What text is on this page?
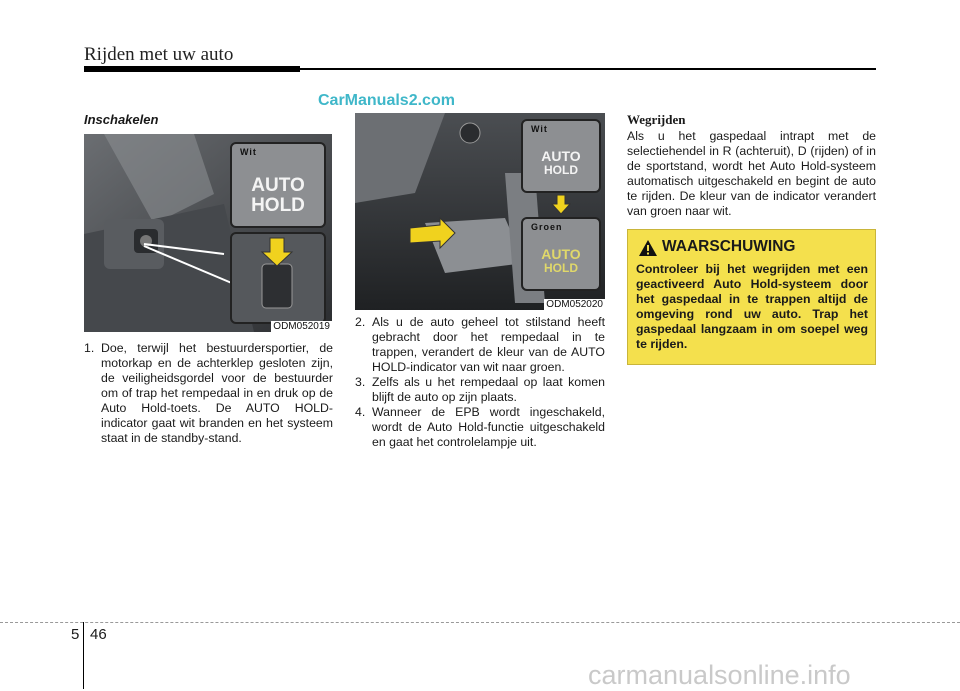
Rijden met uw auto
CarManuals2.com
Inschakelen
Wit
AUTO
HOLD
ODM052019
Wit
AUTO
HOLD
Groen
AUTO
HOLD
ODM052020
1. Doe, terwijl het bestuurdersportier, de motorkap en de achterklep gesloten zijn, de veiligheidsgordel voor de bestuurder om of trap het rempedaal in en druk op de Auto Hold-toets. De AUTO HOLD-indicator gaat wit branden en het systeem staat in de standby-stand.
2. Als u de auto geheel tot stilstand heeft gebracht door het rempedaal in te trappen, verandert de kleur van de AUTO HOLD-indicator van wit naar groen.
3. Zelfs als u het rempedaal op laat komen blijft de auto op zijn plaats.
4. Wanneer de EPB wordt ingeschakeld, wordt de Auto Hold-functie uitgeschakeld en gaat het controlelampje uit.
Wegrijden
Als u het gaspedaal intrapt met de selectiehendel in R (achteruit), D (rijden) of in de sportstand, wordt het Auto Hold-systeem automatisch uitgeschakeld en begint de auto te rijden. De kleur van de indicator verandert van groen naar wit.
WAARSCHUWING
Controleer bij het wegrijden met een geactiveerd Auto Hold-systeem door het gaspedaal in te trappen altijd de omgeving rond uw auto. Trap het gaspedaal langzaam in om soepel weg te rijden.
5 46
carmanualsonline.info
